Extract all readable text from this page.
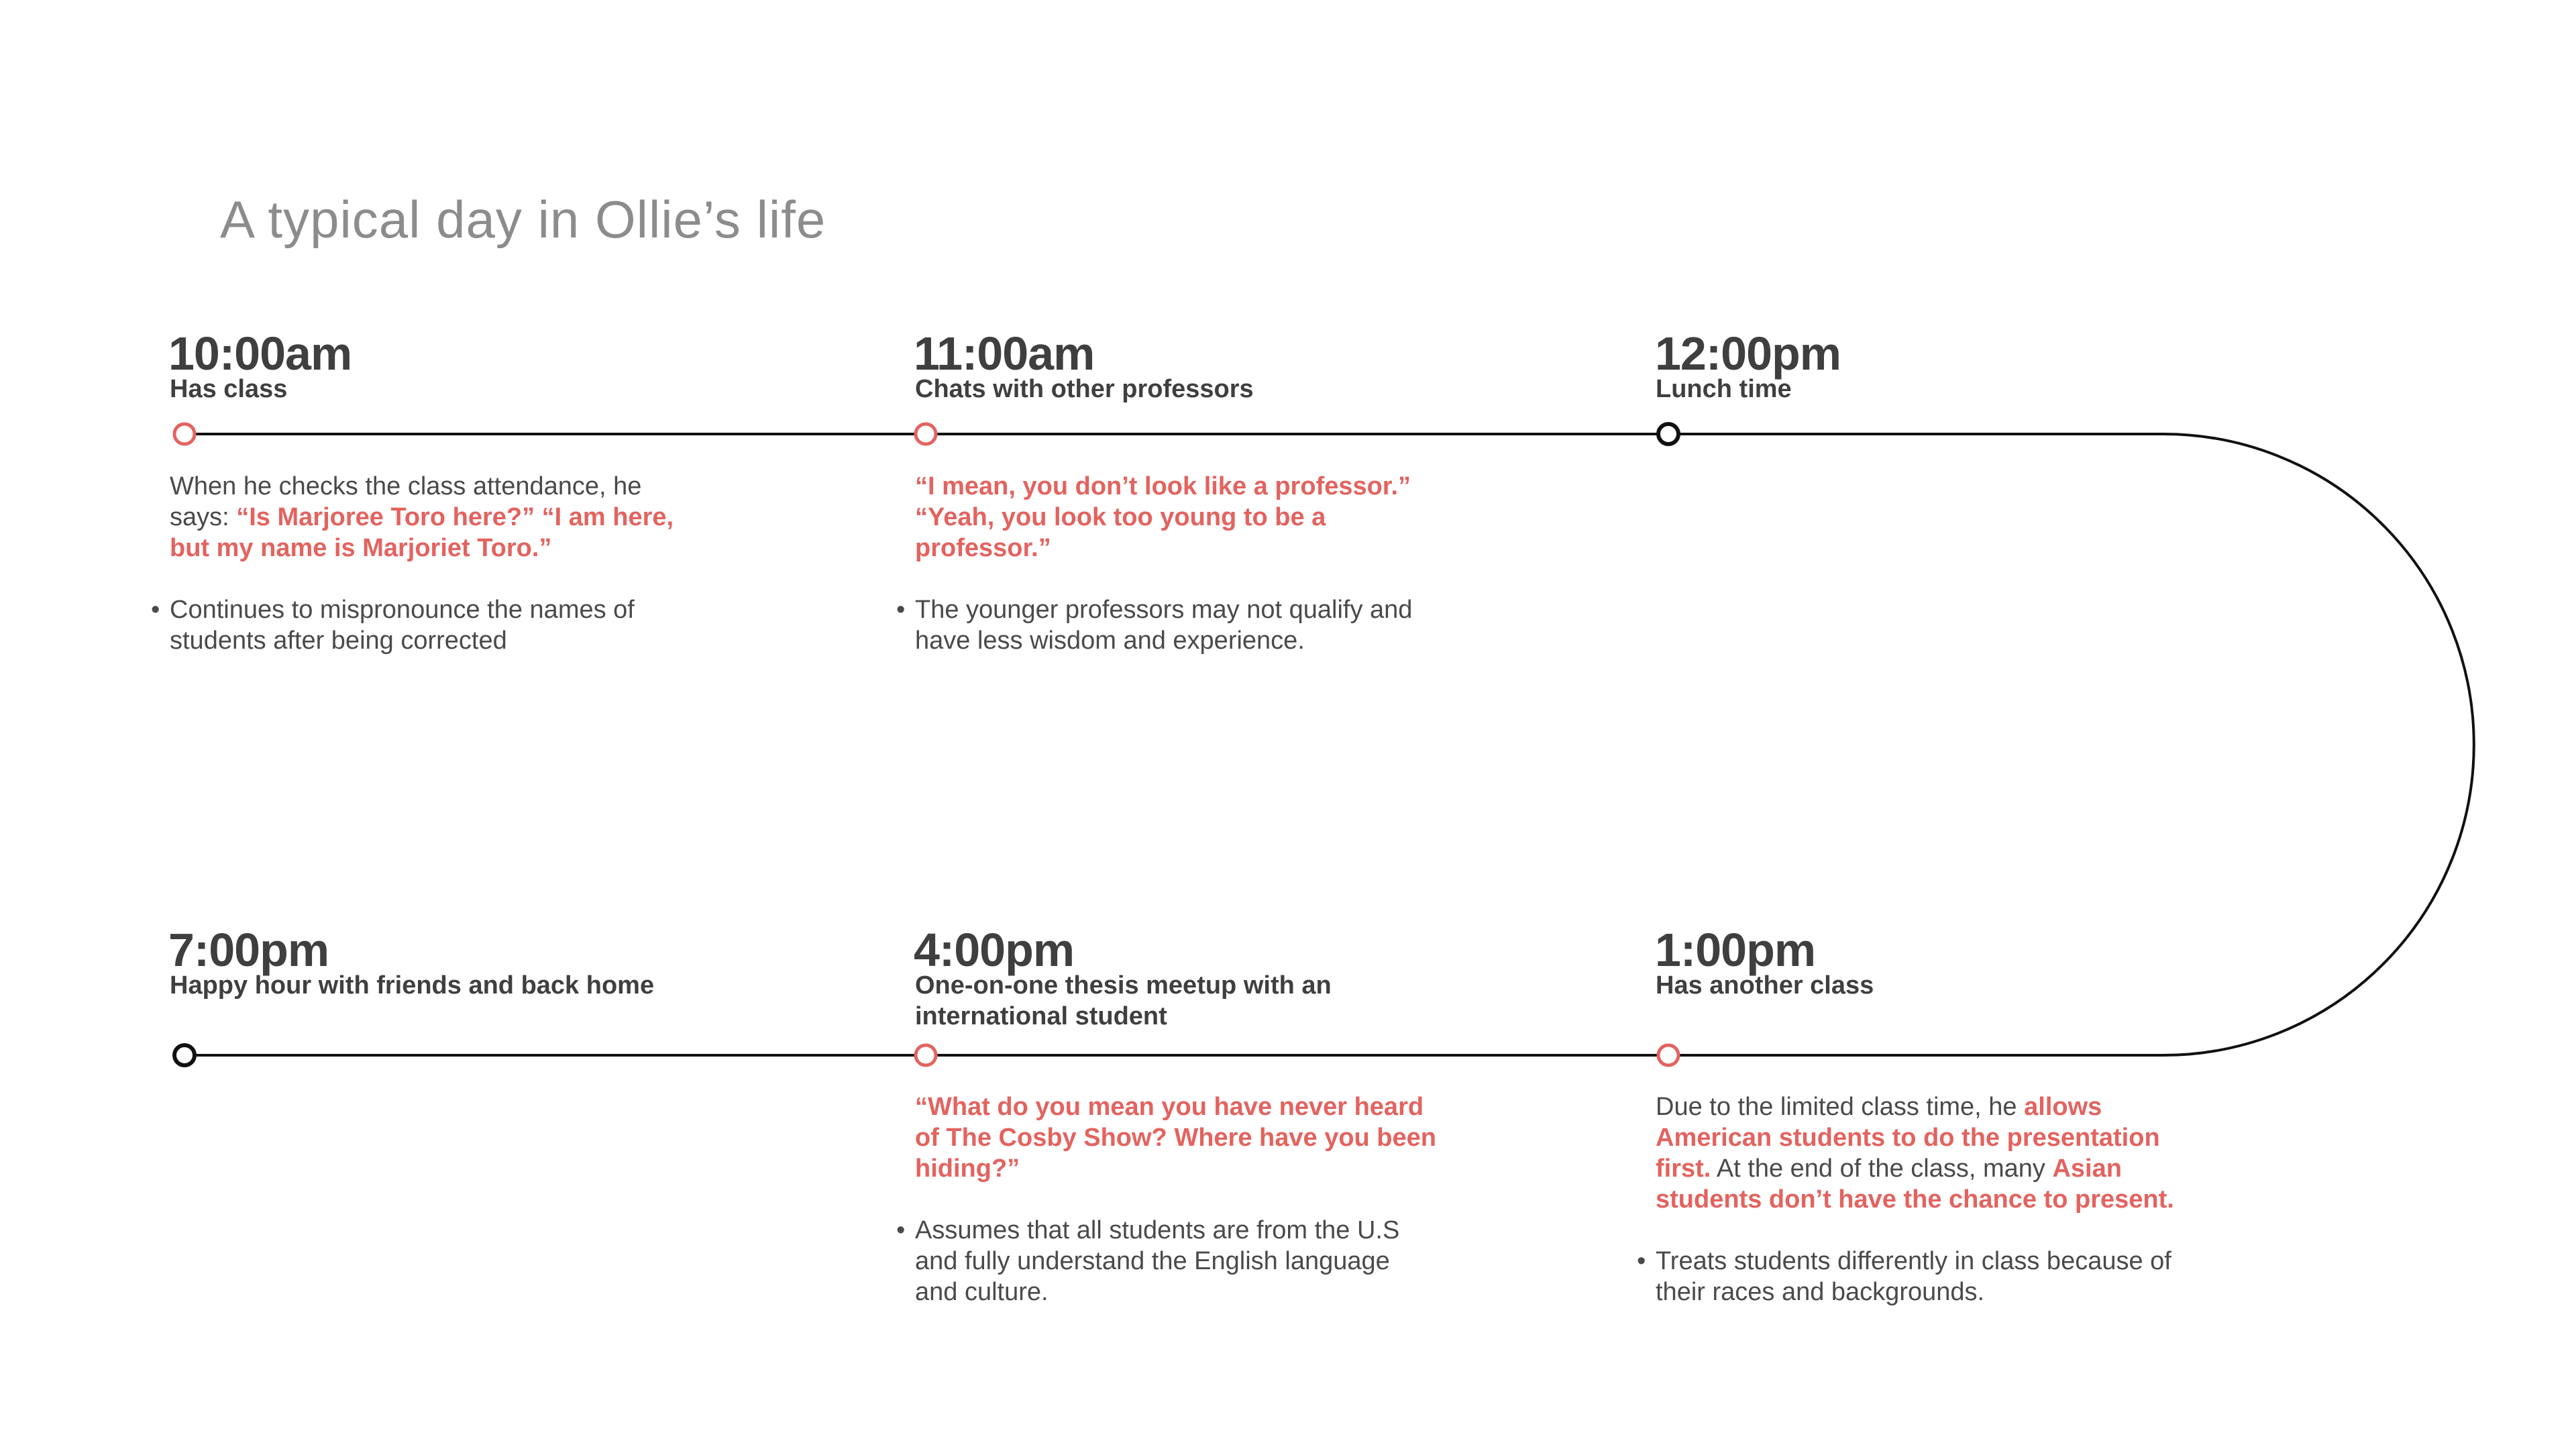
A typical day in Ollie’s life
10:00am
Has class

When he checks the class attendance, he says: “Is Marjoree Toro here?” “I am here, but my name is Marjoriet Toro.”

• Continues to mispronounce the names of students after being corrected
11:00am
Chats with other professors

“I mean, you don’t look like a professor.” “Yeah, you look too young to be a professor.”

• The younger professors may not qualify and have less wisdom and experience.
12:00pm
Lunch time
7:00pm
Happy hour with friends and back home
4:00pm
One-on-one thesis meetup with an international student

“What do you mean you have never heard of The Cosby Show? Where have you been hiding?”

• Assumes that all students are from the U.S and fully understand the English language and culture.
1:00pm
Has another class

Due to the limited class time, he allows American students to do the presentation first. At the end of the class, many Asian students don’t have the chance to present.

• Treats students differently in class because of their races and backgrounds.
